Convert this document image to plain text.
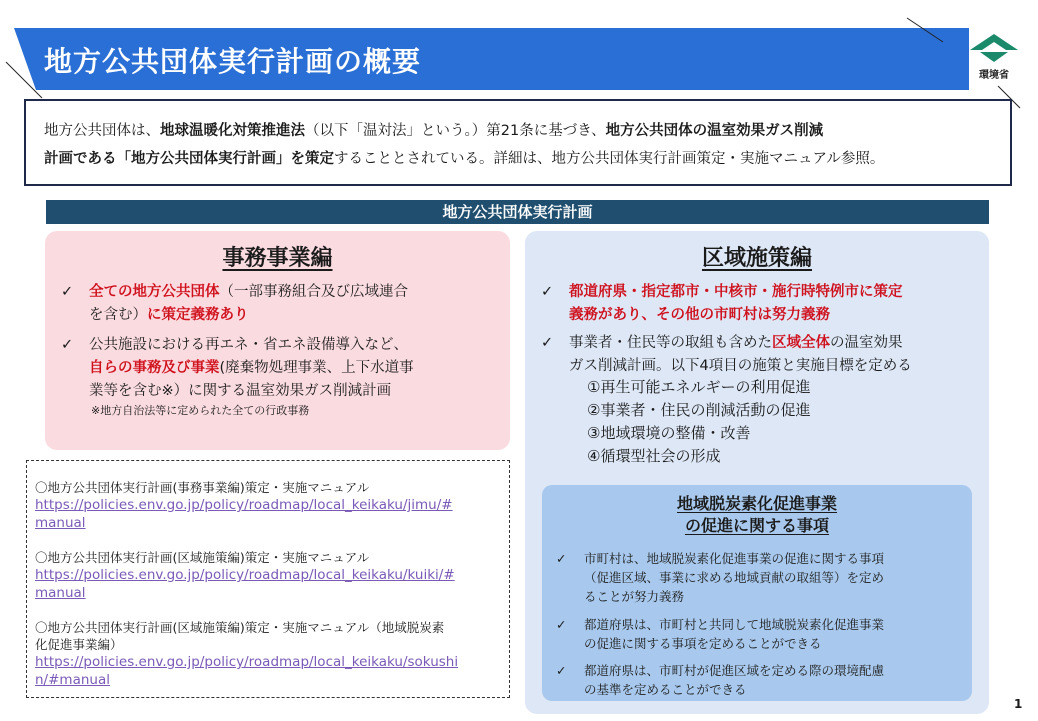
地方公共団体実行計画の概要	環境省
地方公共団体は、地球温暖化対策推進法（以下「温対法」という。）第21条に基づき、地方公共団体の温室効果ガス削減
計画である「地方公共団体実行計画」を策定することとされている。詳細は、地方公共団体実行計画策定・実施マニュアル参照。
地方公共団体実行計画
事務事業編
✓	全ての地方公共団体（一部事務組合及び広域連合
を含む）に策定義務あり
✓	公共施設における再エネ・省エネ設備導入など、
自らの事務及び事業(廃棄物処理事業、上下水道事
業等を含む※）に関する温室効果ガス削減計画
※地方自治法等に定められた全ての行政事務
区域施策編
✓	都道府県・指定都市・中核市・施行時特例市に策定
義務があり、その他の市町村は努力義務
✓	事業者・住民等の取組も含めた区域全体の温室効果
ガス削減計画。以下4項目の施策と実施目標を定める
①再生可能エネルギーの利用促進
②事業者・住民の削減活動の促進
③地域環境の整備・改善
④循環型社会の形成
地域脱炭素化促進事業
の促進に関する事項
✓ 市町村は、地域脱炭素化促進事業の促進に関する事項
（促進区域、事業に求める地域貢献の取組等）を定め
ることが努力義務
✓ 都道府県は、市町村と共同して地域脱炭素化促進事業
の促進に関する事項を定めることができる
✓ 都道府県は、市町村が促進区域を定める際の環境配慮
の基準を定めることができる
〇地方公共団体実行計画(事務事業編)策定・実施マニュアル
https://policies.env.go.jp/policy/roadmap/local_keikaku/jimu/#
manual
〇地方公共団体実行計画(区域施策編)策定・実施マニュアル
https://policies.env.go.jp/policy/roadmap/local_keikaku/kuiki/#
manual
〇地方公共団体実行計画(区域施策編)策定・実施マニュアル（地域脱炭素
化促進事業編）
https://policies.env.go.jp/policy/roadmap/local_keikaku/sokushi
n/#manual
1
